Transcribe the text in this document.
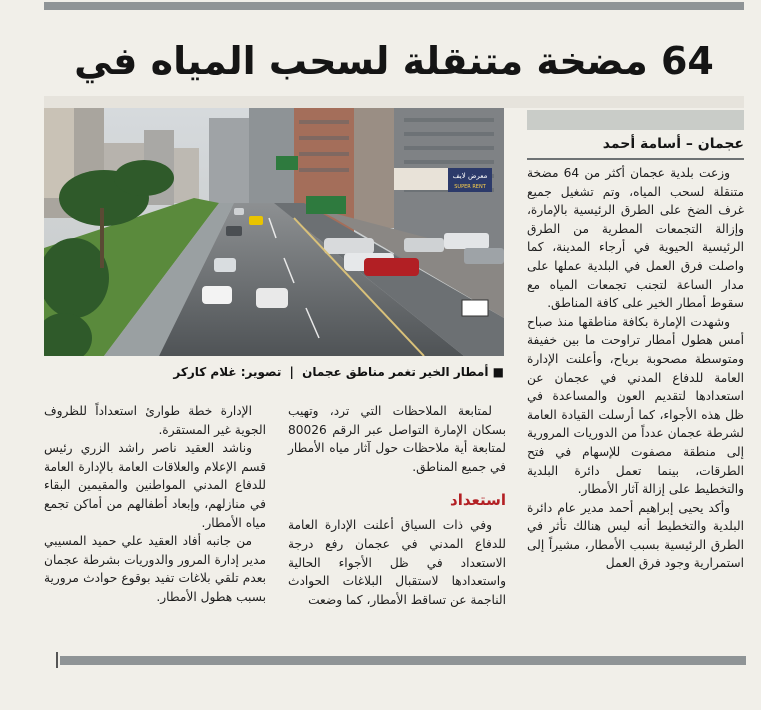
64 مضخة متنقلة لسحب المياه في
معرض لايف
SUPER RENT
■ أمطار الخير تغمر مناطق عجمان | تصوير: غلام كاركر
عجمان – أسامة أحمد

وزعت بلدية عجمان أكثر من 64 مضخة متنقلة لسحب المياه، وتم تشغيل جميع غرف الضخ على الطرق الرئيسية بالإمارة، وإزالة التجمعات المطرية من الطرق الرئيسية الحيوية في أرجاء المدينة، كما واصلت فرق العمل في البلدية عملها على مدار الساعة لتجنب تجمعات المياه مع سقوط أمطار الخير على كافة المناطق.

وشهدت الإمارة بكافة مناطقها منذ صباح أمس هطول أمطار تراوحت ما بين خفيفة ومتوسطة مصحوبة برياح، وأعلنت الإدارة العامة للدفاع المدني في عجمان عن استعدادها لتقديم العون والمساعدة في ظل هذه الأجواء، كما أرسلت القيادة العامة لشرطة عجمان عدداً من الدوريات المرورية إلى منطقة مصفوت للإسهام في فتح الطرقات، بينما تعمل دائرة البلدية والتخطيط على إزالة آثار الأمطار.

وأكد يحيى إبراهيم أحمد مدير عام دائرة البلدية والتخطيط أنه ليس هنالك تأثر في الطرق الرئيسية بسبب الأمطار، مشيراً إلى استمرارية وجود فرق العمل

لمتابعة الملاحظات التي ترد، وتهيب بسكان الإمارة التواصل عبر الرقم 80026 لمتابعة أية ملاحظات حول آثار مياه الأمطار في جميع المناطق.

استعداد

وفي ذات السياق أعلنت الإدارة العامة للدفاع المدني في عجمان رفع درجة الاستعداد في ظل الأجواء الحالية واستعدادها لاستقبال البلاغات الحوادث الناجمة عن تساقط الأمطار، كما وضعت

الإدارة خطة طوارئ استعداداً للظروف الجوية غير المستقرة.

وناشد العقيد ناصر راشد الزري رئيس قسم الإعلام والعلاقات العامة بالإدارة العامة للدفاع المدني المواطنين والمقيمين البقاء في منازلهم، وإبعاد أطفالهم من أماكن تجمع مياه الأمطار.

من جانبه أفاد العقيد علي حميد المسيبي مدير إدارة المرور والدوريات بشرطة عجمان بعدم تلقي بلاغات تفيد بوقوع حوادث مرورية بسبب هطول الأمطار.
